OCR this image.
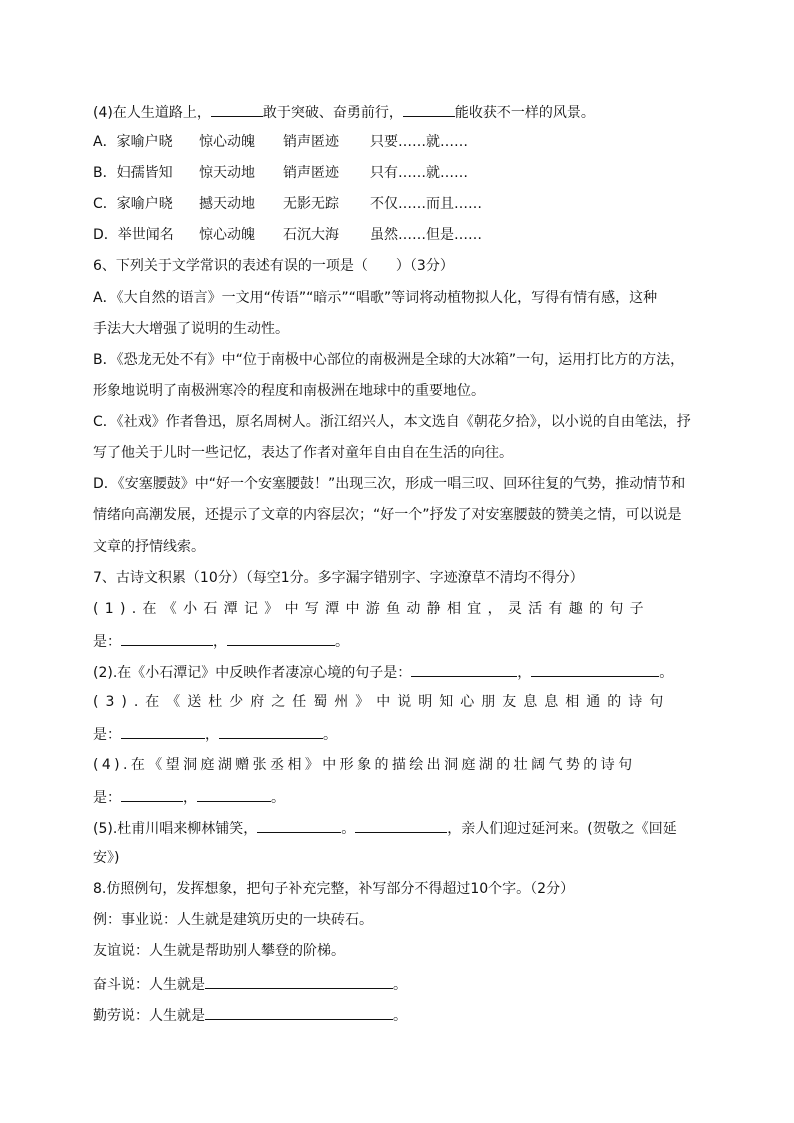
(4)在人生道路上，	敢于突破、奋勇前行，	能收获不一样的风景。
A．家喻户晓 惊心动魄 销声匿迹 只要……就……
B．妇孺皆知 惊天动地 销声匿迹 只有……就……
C．家喻户晓 撼天动地 无影无踪 不仅……而且……
D．举世闻名 惊心动魄 石沉大海 虽然……但是……
6、下列关于文学常识的表述有误的一项是（　　）（3分）
A．《大自然的语言》一文用“传语”“暗示”“唱歌”等词将动植物拟人化，写得有情有感，这种
手法大大增强了说明的生动性。
B．《恐龙无处不有》中“位于南极中心部位的南极洲是全球的大冰箱”一句，运用打比方的方法，
形象地说明了南极洲寒冷的程度和南极洲在地球中的重要地位。
C．《社戏》作者鲁迅，原名周树人。浙江绍兴人，本文选自《朝花夕拾》，以小说的自由笔法，抒
写了他关于儿时一些记忆，表达了作者对童年自由自在生活的向往。
D．《安塞腰鼓》中“好一个安塞腰鼓！”出现三次，形成一唱三叹、回环往复的气势，推动情节和
情绪向高潮发展，还提示了文章的内容层次；“好一个”抒发了对安塞腰鼓的赞美之情，可以说是
文章的抒情线索。
7、古诗文积累（10分）（每空1分。多字漏字错别字、字迹潦草不清均不得分）
(1).在《小石潭记》中写潭中游鱼动静相宜，灵活有趣的句子
是：	，	。
(2).在《小石潭记》中反映作者凄凉心境的句子是：	，	。
(3).在《送杜少府之任蜀州》中说明知心朋友息息相通的诗句
是：	，	。
(4).在《望洞庭湖赠张丞相》中形象的描绘出洞庭湖的壮阔气势的诗句
是：	，	。
(5).杜甫川唱来柳林铺笑，	。	，亲人们迎过延河来。(贺敬之《回延
安》)
8.仿照例句，发挥想象，把句子补充完整，补写部分不得超过10个字。（2分）
例：事业说：人生就是建筑历史的一块砖石。
友谊说：人生就是帮助别人攀登的阶梯。
奋斗说：人生就是	。
勤劳说：人生就是	。
